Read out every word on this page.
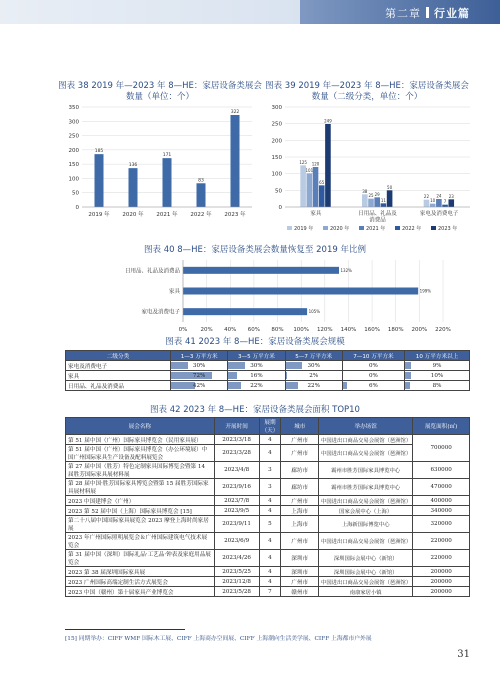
第二章 行业篇
图表 38 2019 年—2023 年 8—HE：家居设备类展会
数量（单位：个）
图表 39 2019 年—2023 年 8—HE：家居设备类展会
数量（二级分类，单位：个）
0
50
100
150
200
250
300
350
185
2019 年
136
2020 年
171
2021 年
83
2022 年
322
2023 年
0
50
100
150
200
250
300
125
101
120
65
249
家具
38
25 29
11
50
日用品、礼品及
消费品
22
10
24
7
23
家电及消费电子
2019 年	2020 年	2021 年	2022 年	2023 年
图表 40 8—HE：家居设备类展会数量恢复至 2019 年比例
0% 20% 40% 60% 80% 100% 120% 140% 160% 180% 200% 220%
132%
日用品、礼品及消费品
199%
家具
105%
家电及消费电子
图表 41 2023 年 8—HE：家居设备类展会规模
二级分类	1—3 万平方米	3—5 万平方米	5—7 万平方米	7—10 万平方米	10 万平方米以上
家电及消费电子	30%	30%	30%	0%	9%
家具	72%	16%	2%	0%	10%
日用品、礼品及消费品	42%	22%	22%	6%	8%
图表 42 2023 年 8—HE：家居设备类展会面积 TOP10
展会名称	开展时间	展期（天）	城市	举办场馆	展览面积(㎡)
第 51 届中国（广州）国际家具博览会（民用家具展）	2023/3/18	4	广州市	中国进出口商品交易会展馆（琶洲馆）	700000
第 51 届中国（广州）国际家具博览会（办公环境展）中国广州国际家具生产设备及配料展览会	2023/3/28	4	广州市	中国进出口商品交易会展馆（琶洲馆）	
第 27 届中国（胜芳）特色定制家具国际博览会暨第 14 届胜芳国际家具展材料展	2023/4/8	3	廊坊市	霸州市胜芳国际家具博览中心	630000
第 28 届中国·胜芳国际家具博览会暨第 15 届胜芳国际家具展材料展	2023/9/16	3	廊坊市	霸州市胜芳国际家具博览中心	470000
2023 中国建博会（广州）	2023/7/8	4	广州市	中国进出口商品交易会展馆（琶洲馆）	400000
2023 第 52 届中国（上海）国际家具博览会 [15]	2023/9/5	4	上海市	国家会展中心（上海）	340000
第二十八届中国国际家具展览会 2023 摩登上海时尚家居展	2023/9/11	5	上海市	上海新国际博览中心	320000
2023 年广州国际照明展览会＆广州国际建筑电气技术展览会	2023/6/9	4	广州市	中国进出口商品交易会展馆（琶洲馆）	220000
第 31 届中国（深圳）国际礼品·工艺品·钟表及家庭用品展览会	2023/4/26	4	深圳市	深圳国际会展中心（新馆）	220000
2023 第 38 届深圳国际家具展	2023/5/25	4	深圳市	深圳国际会展中心（新馆）	200000
2023 广州国际高端定制生活方式展览会	2023/12/8	4	广州市	中国进出口商品交易会展馆（琶洲馆）	200000
2023 中国（赣州）第十届家具产业博览会	2023/5/28	7	赣州市	南康家居小镇	200000
[15] 同期举办：CIFF WMF 国际木工展、CIFF 上海商办空间展、CIFF 上海潮向生活美学展、CIFF 上海都市户外展
31
